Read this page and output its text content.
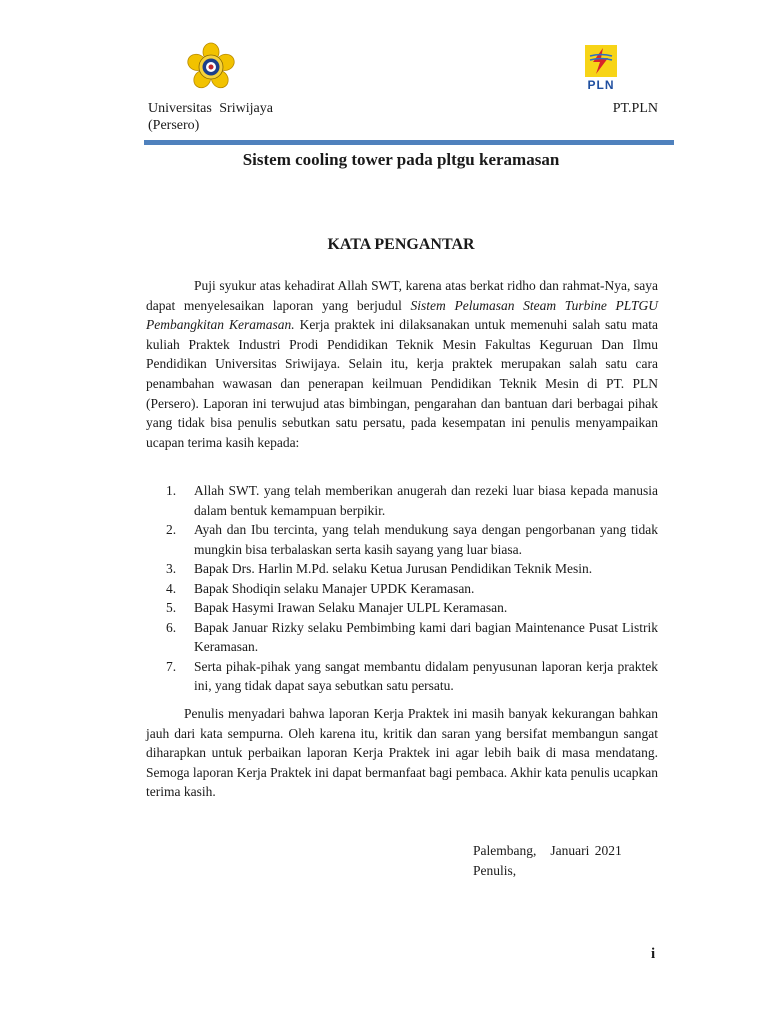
PLN
Universitas Sriwijaya
(Persero)
PT.PLN
Sistem cooling tower pada pltgu keramasan
KATA PENGANTAR

Puji syukur atas kehadirat Allah SWT, karena atas berkat ridho dan rahmat-Nya, saya dapat menyelesaikan laporan yang berjudul Sistem Pelumasan Steam Turbine PLTGU Pembangkitan Keramasan. Kerja praktek ini dilaksanakan untuk memenuhi salah satu mata kuliah Praktek Industri Prodi Pendidikan Teknik Mesin Fakultas Keguruan Dan Ilmu Pendidikan Universitas Sriwijaya. Selain itu, kerja praktek merupakan salah satu cara penambahan wawasan dan penerapan keilmuan Pendidikan Teknik Mesin di PT. PLN (Persero). Laporan ini terwujud atas bimbingan, pengarahan dan bantuan dari berbagai pihak yang tidak bisa penulis sebutkan satu persatu, pada kesempatan ini penulis menyampaikan ucapan terima kasih kepada:

1. Allah SWT. yang telah memberikan anugerah dan rezeki luar biasa kepada manusia dalam bentuk kemampuan berpikir.
2. Ayah dan Ibu tercinta, yang telah mendukung saya dengan pengorbanan yang tidak mungkin bisa terbalaskan serta kasih sayang yang luar biasa.
3. Bapak Drs. Harlin M.Pd. selaku Ketua Jurusan Pendidikan Teknik Mesin.
4. Bapak Shodiqin selaku Manajer UPDK Keramasan.
5. Bapak Hasymi Irawan Selaku Manajer ULPL Keramasan.
6. Bapak Januar Rizky selaku Pembimbing kami dari bagian Maintenance Pusat Listrik Keramasan.
7. Serta pihak-pihak yang sangat membantu didalam penyusunan laporan kerja praktek ini, yang tidak dapat saya sebutkan satu persatu.

Penulis menyadari bahwa laporan Kerja Praktek ini masih banyak kekurangan bahkan jauh dari kata sempurna. Oleh karena itu, kritik dan saran yang bersifat membangun sangat diharapkan untuk perbaikan laporan Kerja Praktek ini agar lebih baik di masa mendatang. Semoga laporan Kerja Praktek ini dapat bermanfaat bagi pembaca. Akhir kata penulis ucapkan terima kasih.

Palembang, Januari 2021
Penulis,
i
